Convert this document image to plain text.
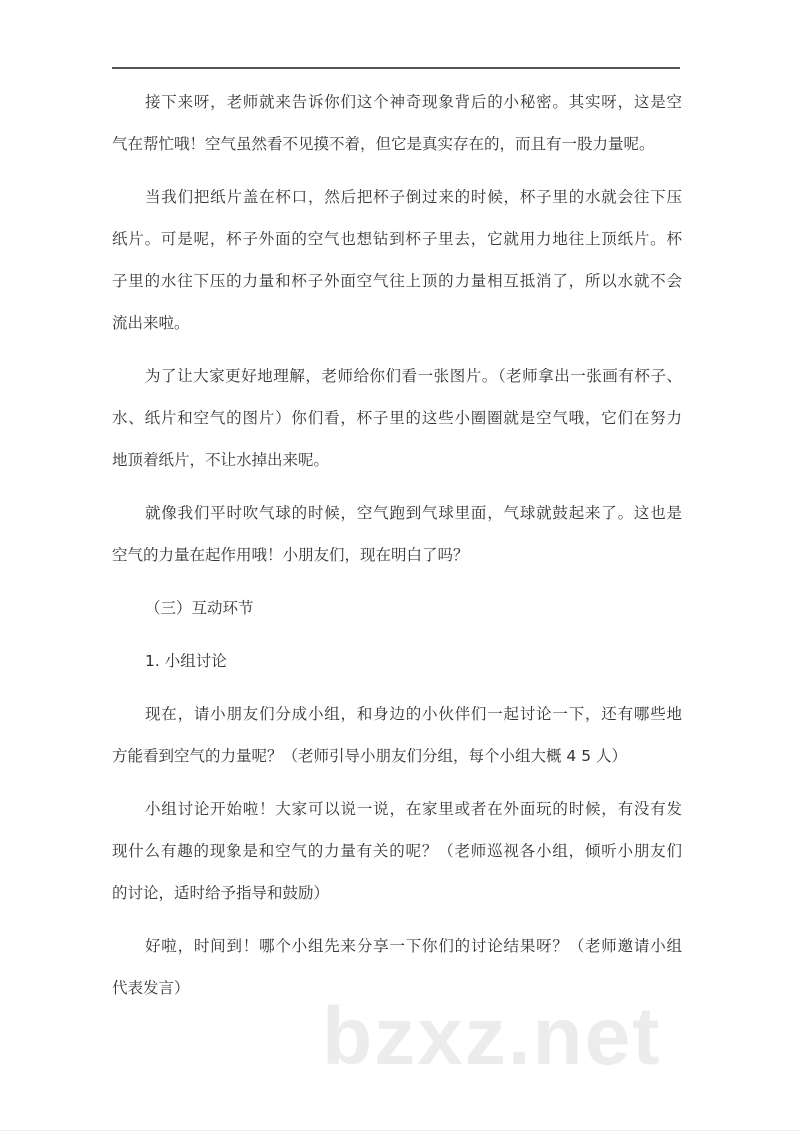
接下来呀，老师就来告诉你们这个神奇现象背后的小秘密。其实呀，这是空
气在帮忙哦！空气虽然看不见摸不着，但它是真实存在的，而且有一股力量呢。
当我们把纸片盖在杯口，然后把杯子倒过来的时候，杯子里的水就会往下压
纸片。可是呢，杯子外面的空气也想钻到杯子里去，它就用力地往上顶纸片。杯
子里的水往下压的力量和杯子外面空气往上顶的力量相互抵消了，所以水就不会
流出来啦。
为了让大家更好地理解，老师给你们看一张图片。（老师拿出一张画有杯子、
水、纸片和空气的图片）你们看，杯子里的这些小圈圈就是空气哦，它们在努力
地顶着纸片，不让水掉出来呢。
就像我们平时吹气球的时候，空气跑到气球里面，气球就鼓起来了。这也是
空气的力量在起作用哦！小朋友们，现在明白了吗？
（三）互动环节
1. 小组讨论
现在，请小朋友们分成小组，和身边的小伙伴们一起讨论一下，还有哪些地
方能看到空气的力量呢？（老师引导小朋友们分组，每个小组大概 4 5 人）
小组讨论开始啦！大家可以说一说，在家里或者在外面玩的时候，有没有发
现什么有趣的现象是和空气的力量有关的呢？（老师巡视各小组，倾听小朋友们
的讨论，适时给予指导和鼓励）
好啦，时间到！哪个小组先来分享一下你们的讨论结果呀？（老师邀请小组
代表发言）
bzxz.net
